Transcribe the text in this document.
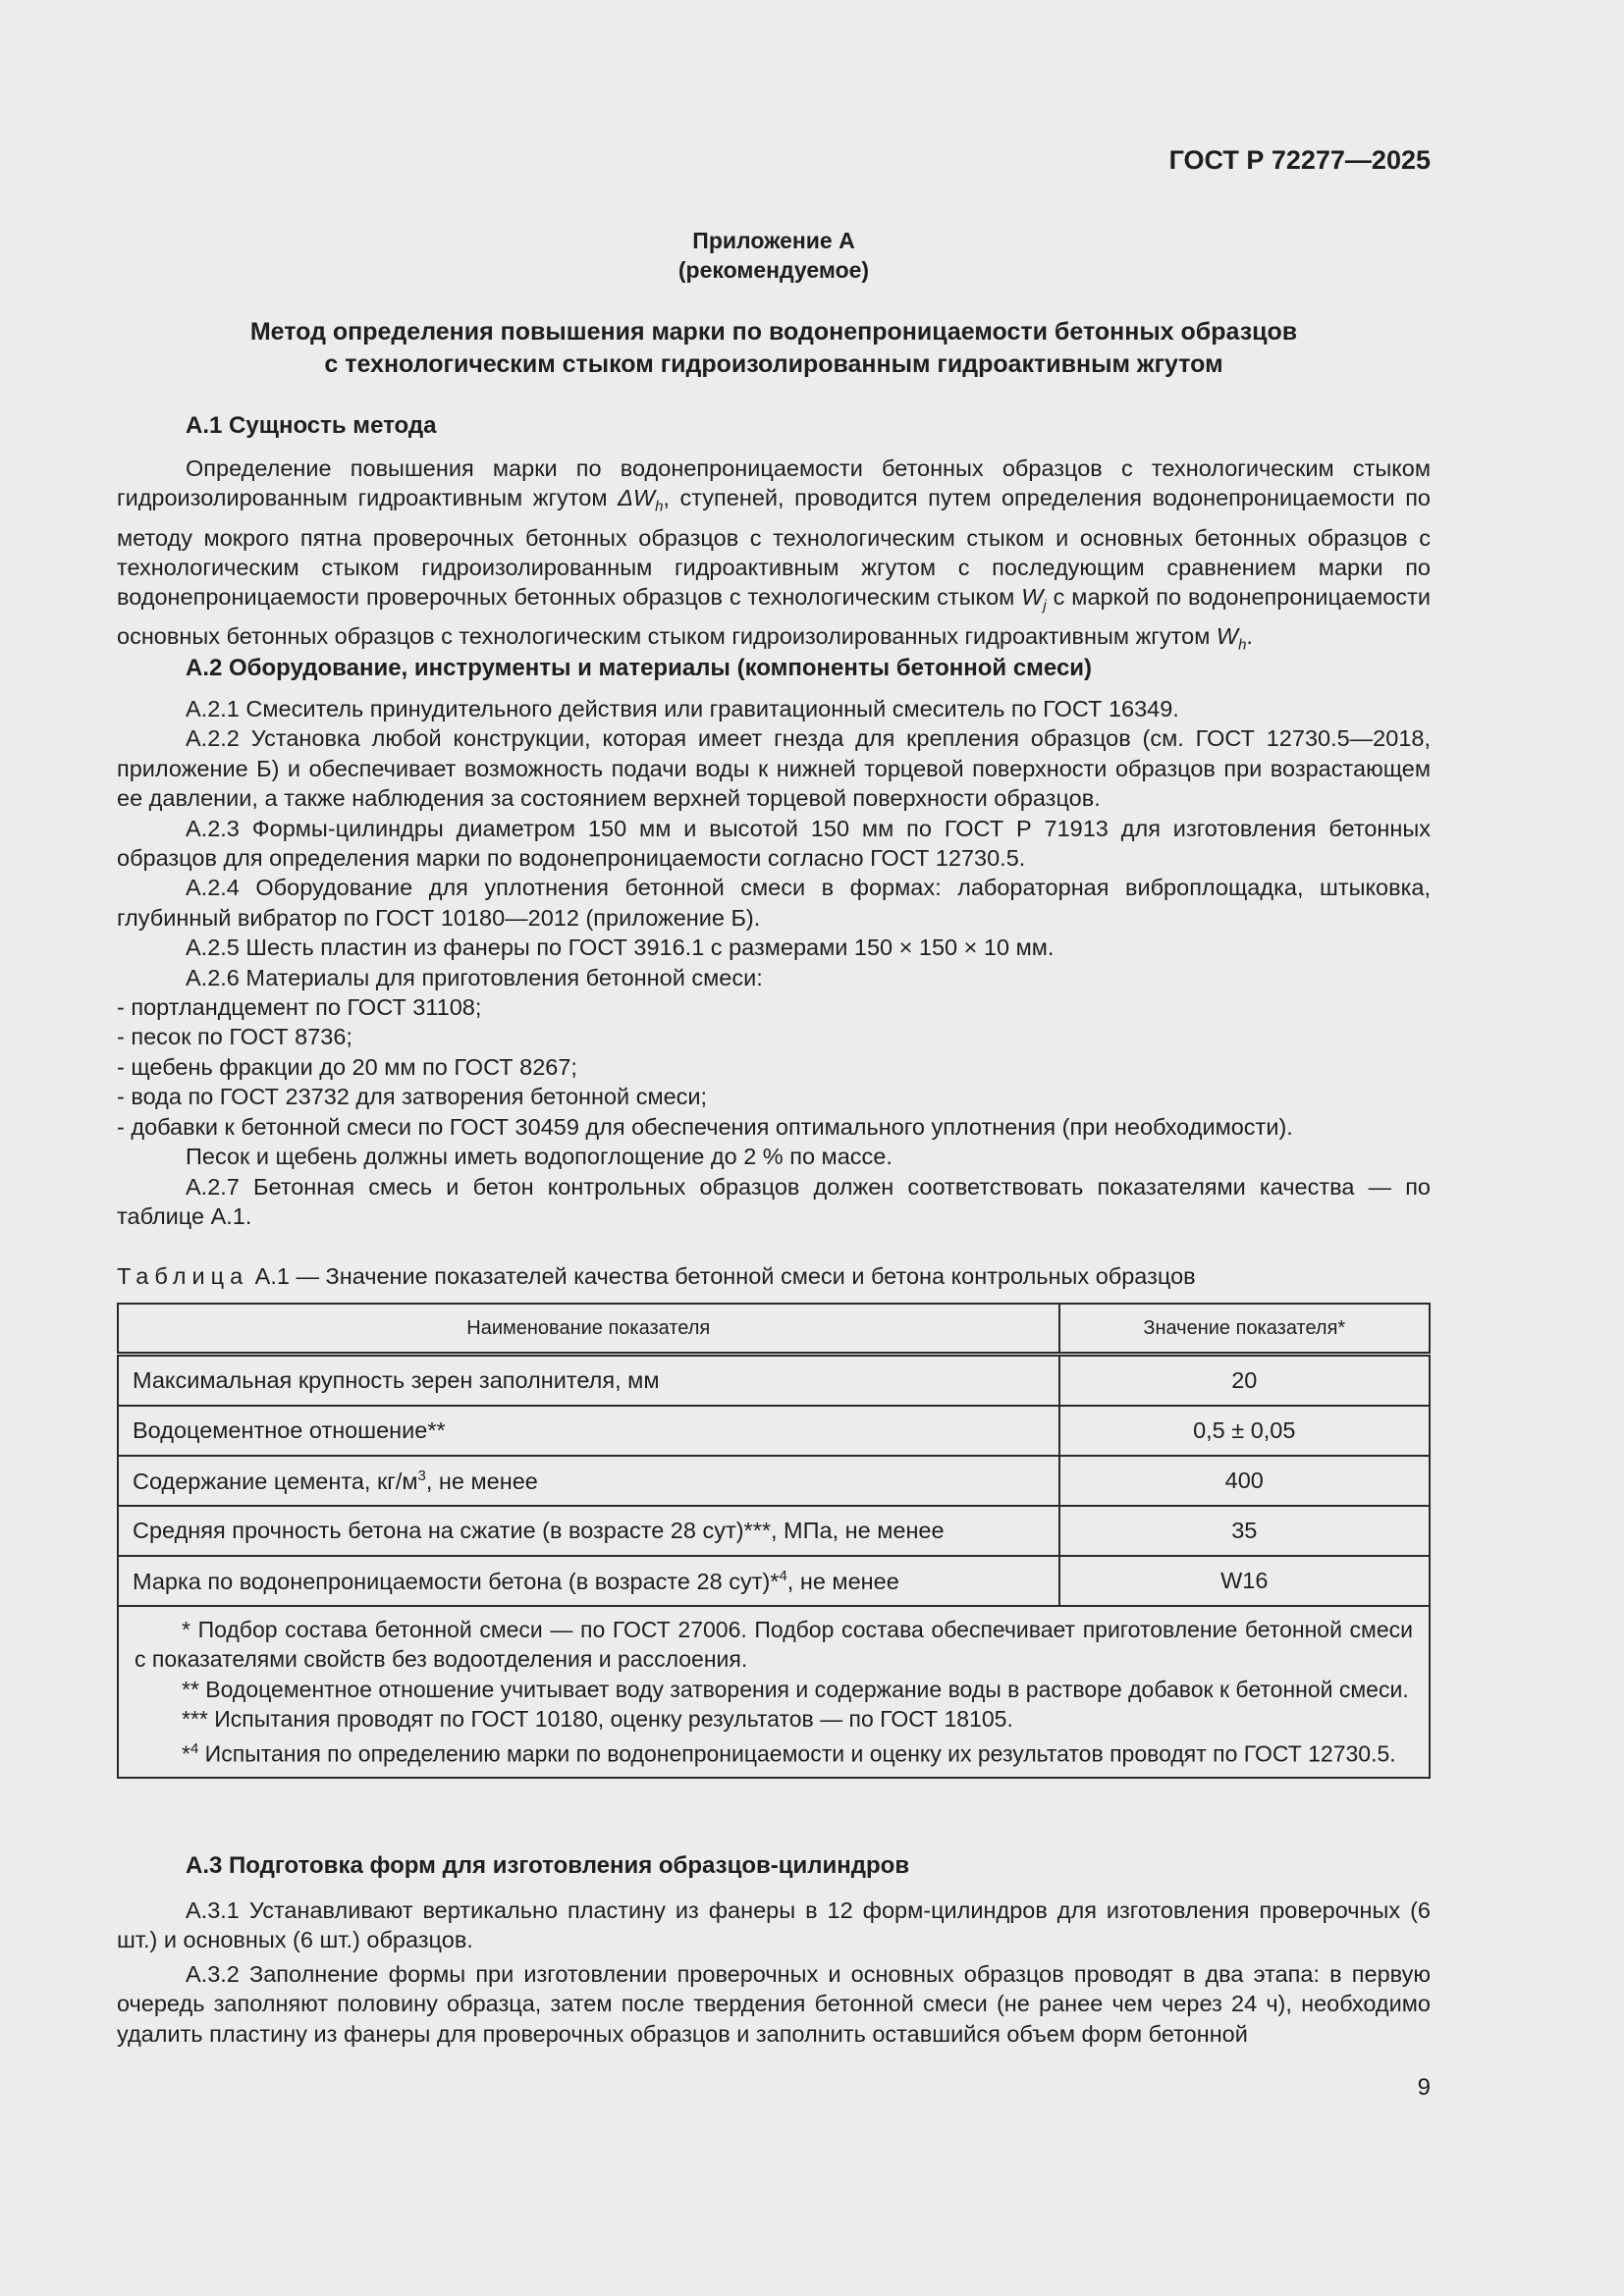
ГОСТ Р 72277—2025
Приложение А
(рекомендуемое)
Метод определения повышения марки по водонепроницаемости бетонных образцов
с технологическим стыком гидроизолированным гидроактивным жгутом

А.1 Сущность метода

Определение повышения марки по водонепроницаемости бетонных образцов с технологическим стыком гидроизолированным гидроактивным жгутом $\Delta W_h$, ступеней, проводится путем определения водонепроницаемости по методу мокрого пятна проверочных бетонных образцов с технологическим стыком и основных бетонных образцов с технологическим стыком гидроизолированным гидроактивным жгутом с последующим сравнением марки по водонепроницаемости проверочных бетонных образцов с технологическим стыком $W_j$ с маркой по водонепроницаемости основных бетонных образцов с технологическим стыком гидроизолированных гидроактивным жгутом $W_h$.

А.2 Оборудование, инструменты и материалы (компоненты бетонной смеси)

А.2.1 Смеситель принудительного действия или гравитационный смеситель по ГОСТ 16349.

А.2.2 Установка любой конструкции, которая имеет гнезда для крепления образцов (см. ГОСТ 12730.5—2018, приложение Б) и обеспечивает возможность подачи воды к нижней торцевой поверхности образцов при возрастающем ее давлении, а также наблюдения за состоянием верхней торцевой поверхности образцов.

А.2.3 Формы-цилиндры диаметром 150 мм и высотой 150 мм по ГОСТ Р 71913 для изготовления бетонных образцов для определения марки по водонепроницаемости согласно ГОСТ 12730.5.

А.2.4 Оборудование для уплотнения бетонной смеси в формах: лабораторная виброплощадка, штыковка, глубинный вибратор по ГОСТ 10180—2012 (приложение Б).

А.2.5 Шесть пластин из фанеры по ГОСТ 3916.1 с размерами 150 × 150 × 10 мм.

А.2.6 Материалы для приготовления бетонной смеси:

- портландцемент по ГОСТ 31108;

- песок по ГОСТ 8736;

- щебень фракции до 20 мм по ГОСТ 8267;

- вода по ГОСТ 23732 для затворения бетонной смеси;

- добавки к бетонной смеси по ГОСТ 30459 для обеспечения оптимального уплотнения (при необходимости).

Песок и щебень должны иметь водопоглощение до 2 % по массе.

А.2.7 Бетонная смесь и бетон контрольных образцов должен соответствовать показателями качества — по таблице А.1.

Таблица А.1 — Значение показателей качества бетонной смеси и бетона контрольных образцов
Наименование показателя	Значение показателя*
Максимальная крупность зерен заполнителя, мм	20
Водоцементное отношение**	0,5 ± 0,05
Содержание цемента, $кг/м^3$, не менее	400
Средняя прочность бетона на сжатие (в возрасте 28 сут)***, МПа, не менее	35
Марка по водонепроницаемости бетона (в возрасте 28 сут)*$^4$, не менее	W16

* Подбор состава бетонной смеси — по ГОСТ 27006. Подбор состава обеспечивает приготовление бетонной смеси с показателями свойств без водоотделения и расслоения.

** Водоцементное отношение учитывает воду затворения и содержание воды в растворе добавок к бетонной смеси.

*** Испытания проводят по ГОСТ 10180, оценку результатов — по ГОСТ 18105.

*$^4$ Испытания по определению марки по водонепроницаемости и оценку их результатов проводят по ГОСТ 12730.5.	

А.3 Подготовка форм для изготовления образцов-цилиндров

А.3.1 Устанавливают вертикально пластину из фанеры в 12 форм-цилиндров для изготовления проверочных (6 шт.) и основных (6 шт.) образцов.

А.3.2 Заполнение формы при изготовлении проверочных и основных образцов проводят в два этапа: в первую очередь заполняют половину образца, затем после твердения бетонной смеси (не ранее чем через 24 ч), необходимо удалить пластину из фанеры для проверочных образцов и заполнить оставшийся объем форм бетонной

9
